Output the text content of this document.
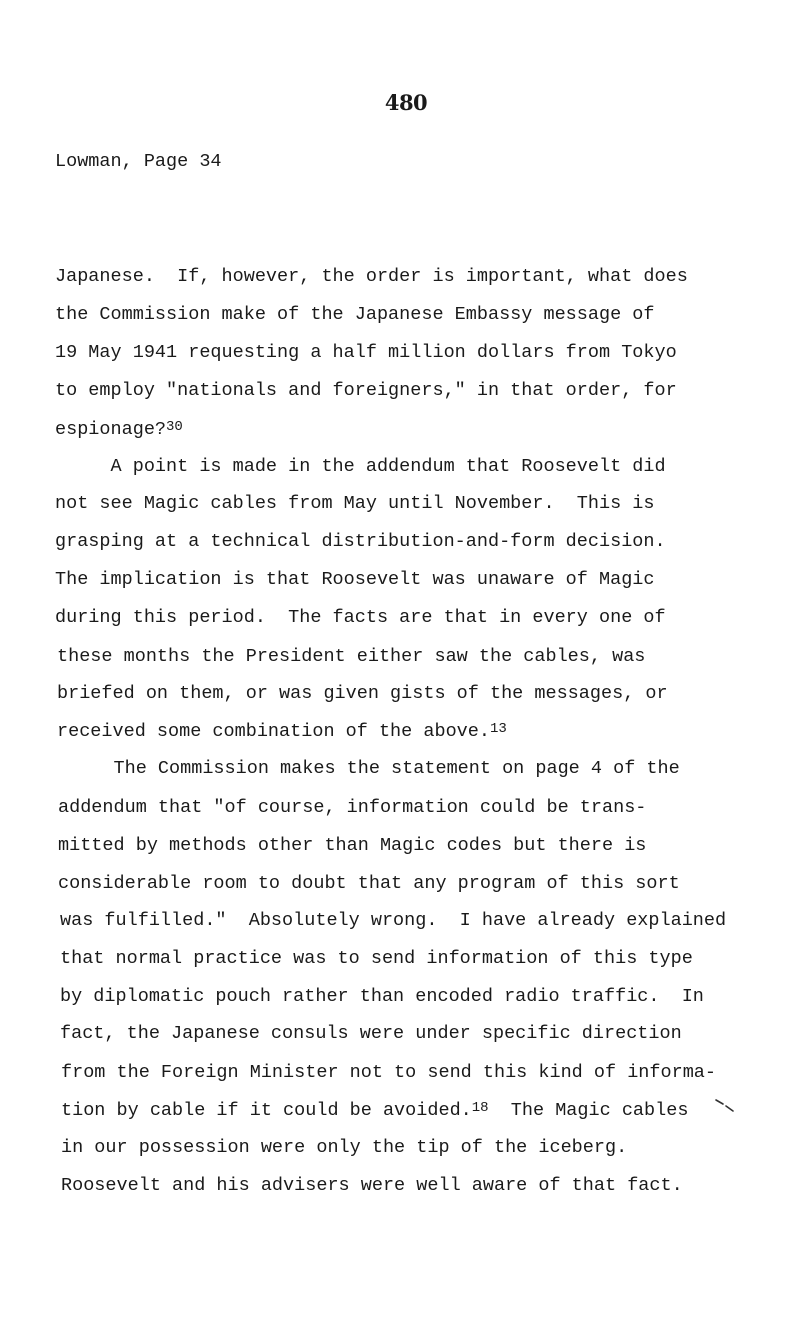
480
Lowman, Page 34
Japanese.  If, however, the order is important, what does
the Commission make of the Japanese Embassy message of
19 May 1941 requesting a half million dollars from Tokyo
to employ "nationals and foreigners," in that order, for
espionage?$^{30}$
A point is made in the addendum that Roosevelt did
not see Magic cables from May until November.  This is
grasping at a technical distribution-and-form decision.
The implication is that Roosevelt was unaware of Magic
during this period.  The facts are that in every one of
these months the President either saw the cables, was
briefed on them, or was given gists of the messages, or
received some combination of the above.$^{13}$
The Commission makes the statement on page 4 of the
addendum that "of course, information could be trans-
mitted by methods other than Magic codes but there is
considerable room to doubt that any program of this sort
was fulfilled."  Absolutely wrong.  I have already explained
that normal practice was to send information of this type
by diplomatic pouch rather than encoded radio traffic.  In
fact, the Japanese consuls were under specific direction
from the Foreign Minister not to send this kind of informa-
tion by cable if it could be avoided.$^{18}$  The Magic cables
in our possession were only the tip of the iceberg.
Roosevelt and his advisers were well aware of that fact.
